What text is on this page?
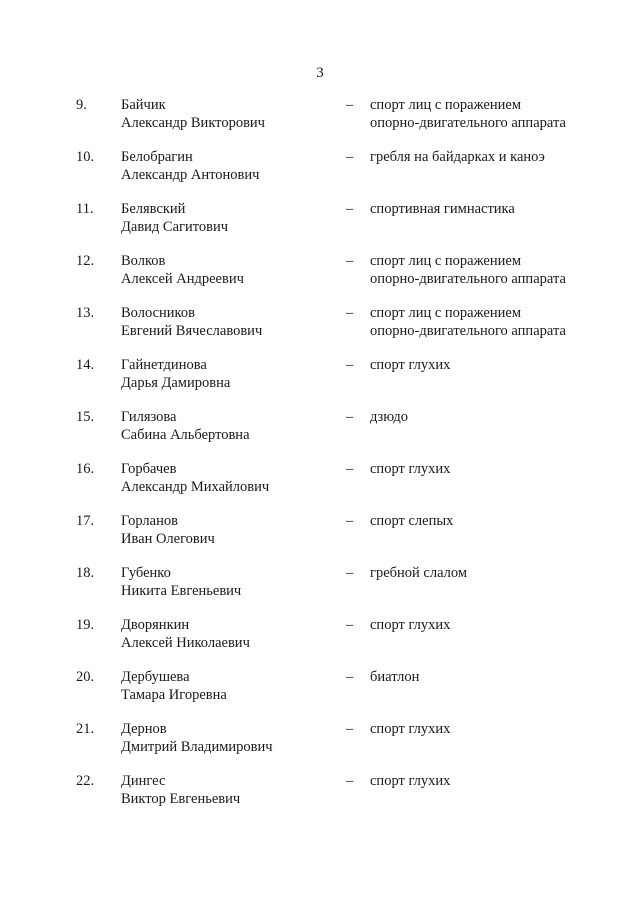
3
9. Байчик
Александр Викторович
– спорт лиц с поражением
опорно-двигательного аппарата
10. Белобрагин
Александр Антонович
– гребля на байдарках и каноэ
11. Белявский
Давид Сагитович
– спортивная гимнастика
12. Волков
Алексей Андреевич
– спорт лиц с поражением
опорно-двигательного аппарата
13. Волосников
Евгений Вячеславович
– спорт лиц с поражением
опорно-двигательного аппарата
14. Гайнетдинова
Дарья Дамировна
– спорт глухих
15. Гилязова
Сабина Альбертовна
– дзюдо
16. Горбачев
Александр Михайлович
– спорт глухих
17. Горланов
Иван Олегович
– спорт слепых
18. Губенко
Никита Евгеньевич
– гребной слалом
19. Дворянкин
Алексей Николаевич
– спорт глухих
20. Дербушева
Тамара Игоревна
– биатлон
21. Дернов
Дмитрий Владимирович
– спорт глухих
22. Дингес
Виктор Евгеньевич
– спорт глухих
